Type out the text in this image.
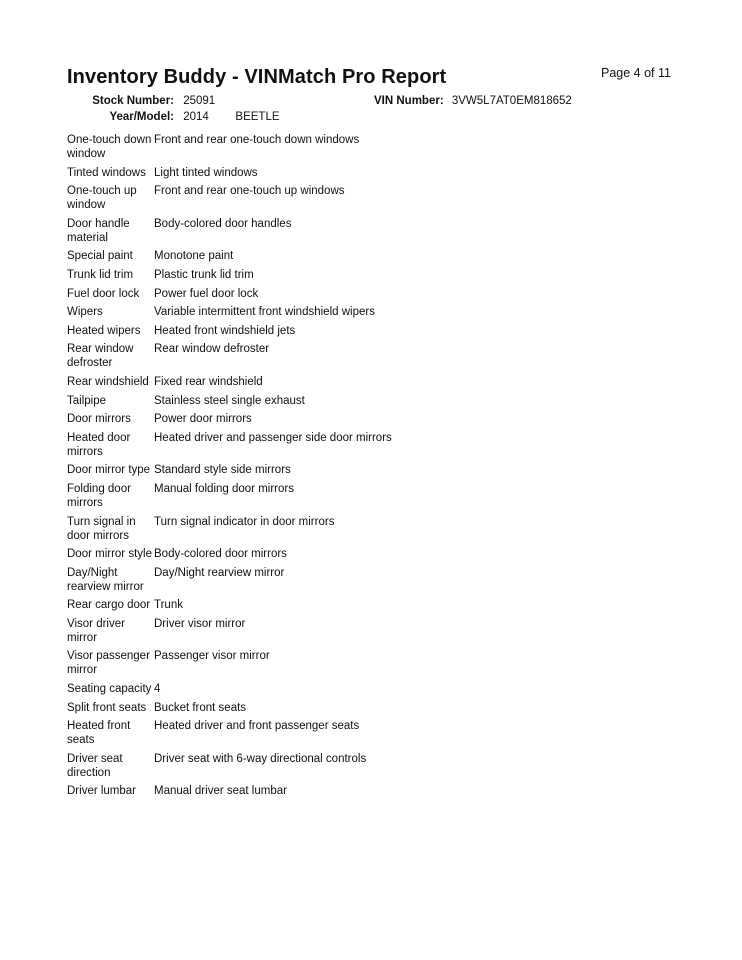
Page 4 of 11
Inventory Buddy - VINMatch Pro Report
Stock Number: 25091	VIN Number: 3VW5L7AT0EM818652
Year/Model: 2014 BEETLE
One-touch down window	Front and rear one-touch down windows
Tinted windows	Light tinted windows
One-touch up window	Front and rear one-touch up windows
Door handle material	Body-colored door handles
Special paint	Monotone paint
Trunk lid trim	Plastic trunk lid trim
Fuel door lock	Power fuel door lock
Wipers	Variable intermittent front windshield wipers
Heated wipers	Heated front windshield jets
Rear window defroster	Rear window defroster
Rear windshield	Fixed rear windshield
Tailpipe	Stainless steel single exhaust
Door mirrors	Power door mirrors
Heated door mirrors	Heated driver and passenger side door mirrors
Door mirror type	Standard style side mirrors
Folding door mirrors	Manual folding door mirrors
Turn signal in door mirrors	Turn signal indicator in door mirrors
Door mirror style	Body-colored door mirrors
Day/Night rearview mirror	Day/Night rearview mirror
Rear cargo door	Trunk
Visor driver mirror	Driver visor mirror
Visor passenger mirror	Passenger visor mirror
Seating capacity	4
Split front seats	Bucket front seats
Heated front seats	Heated driver and front passenger seats
Driver seat direction	Driver seat with 6-way directional controls
Driver lumbar	Manual driver seat lumbar
